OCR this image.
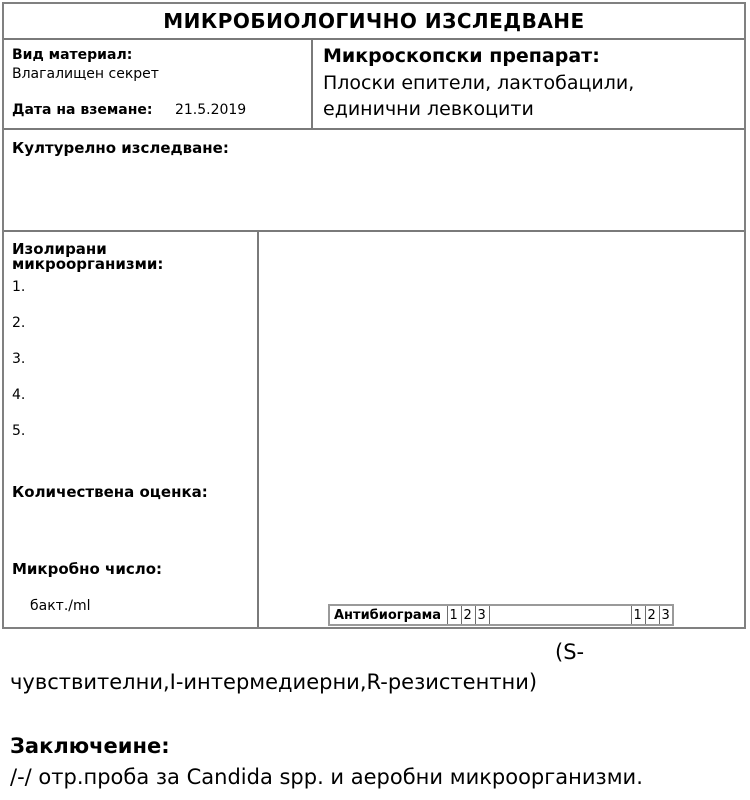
МИКРОБИОЛОГИЧНО ИЗСЛЕДВАНЕ
Вид материал:
Влагалищен секрет
Дата на вземане: 21.5.2019
Микроскопски препарат:
Плоски епители, лактобацили,
единични левкоцити
Културелно изследване:
Изолирани микроорганизми:
1.
2.
3.
4.
5.
Количествена оценка:
Микробно число:
бакт./ml
Антибиограма	1	2	3		1	2	3
(S-
чувствителни,I-интермедиерни,R-резистентни)
Заключеине:
/-/ отр.проба за Candida spp. и аеробни микроорганизми.
